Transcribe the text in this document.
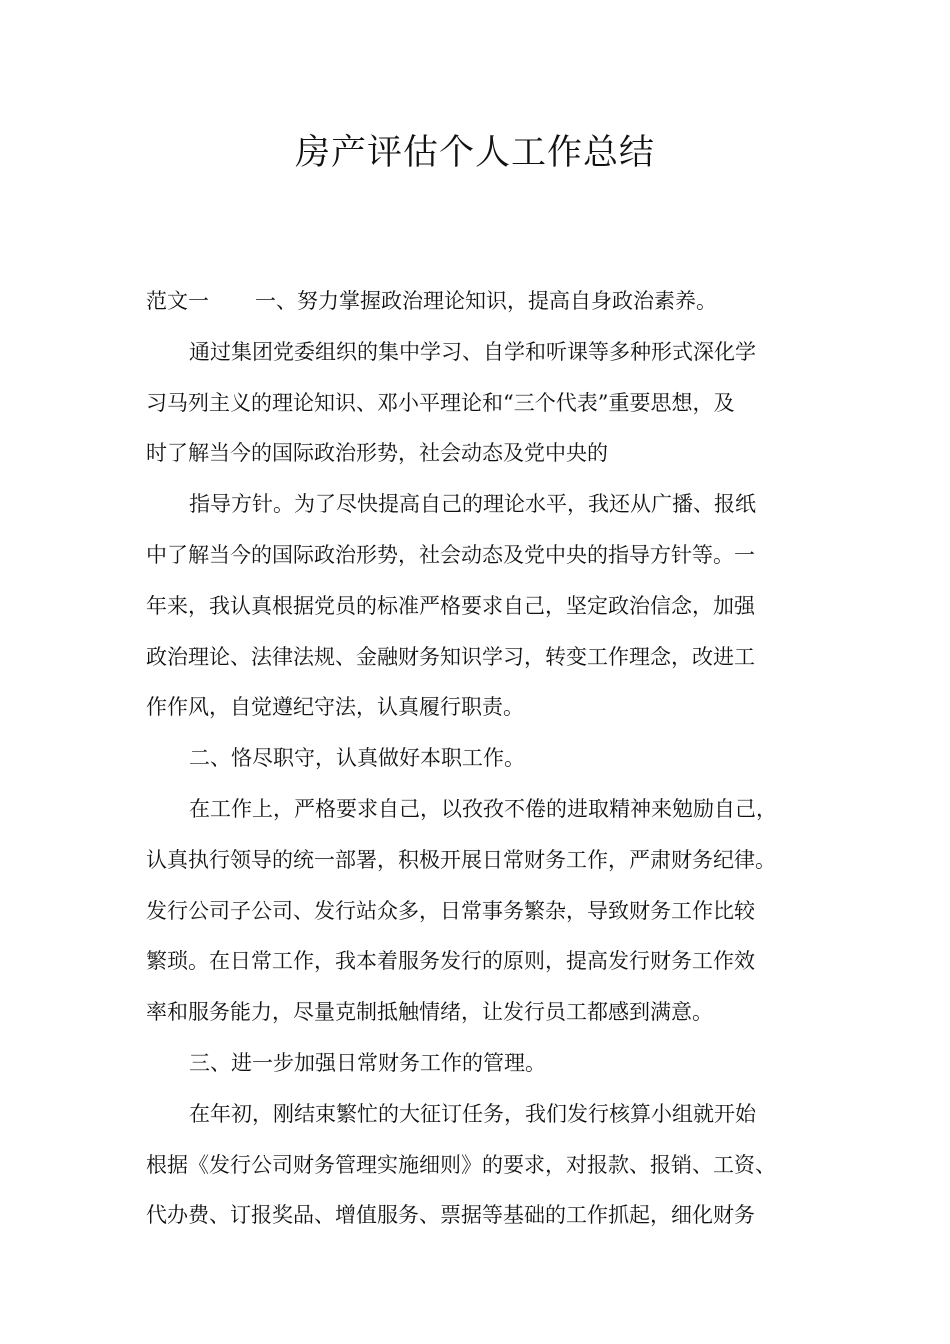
房产评估个人工作总结
范文一 一、努力掌握政治理论知识，提高自身政治素养。
通过集团党委组织的集中学习、自学和听课等多种形式深化学
习马列主义的理论知识、邓小平理论和“三个代表”重要思想，及
时了解当今的国际政治形势，社会动态及党中央的
指导方针。为了尽快提高自己的理论水平，我还从广播、报纸
中了解当今的国际政治形势，社会动态及党中央的指导方针等。一
年来，我认真根据党员的标准严格要求自己，坚定政治信念，加强
政治理论、法律法规、金融财务知识学习，转变工作理念，改进工
作作风，自觉遵纪守法，认真履行职责。
二、恪尽职守，认真做好本职工作。
在工作上，严格要求自己，以孜孜不倦的进取精神来勉励自己，
认真执行领导的统一部署，积极开展日常财务工作，严肃财务纪律。
发行公司子公司、发行站众多，日常事务繁杂，导致财务工作比较
繁琐。在日常工作，我本着服务发行的原则，提高发行财务工作效
率和服务能力，尽量克制抵触情绪，让发行员工都感到满意。
三、进一步加强日常财务工作的管理。
在年初，刚结束繁忙的大征订任务，我们发行核算小组就开始
根据《发行公司财务管理实施细则》的要求，对报款、报销、工资、
代办费、订报奖品、增值服务、票据等基础的工作抓起，细化财务
